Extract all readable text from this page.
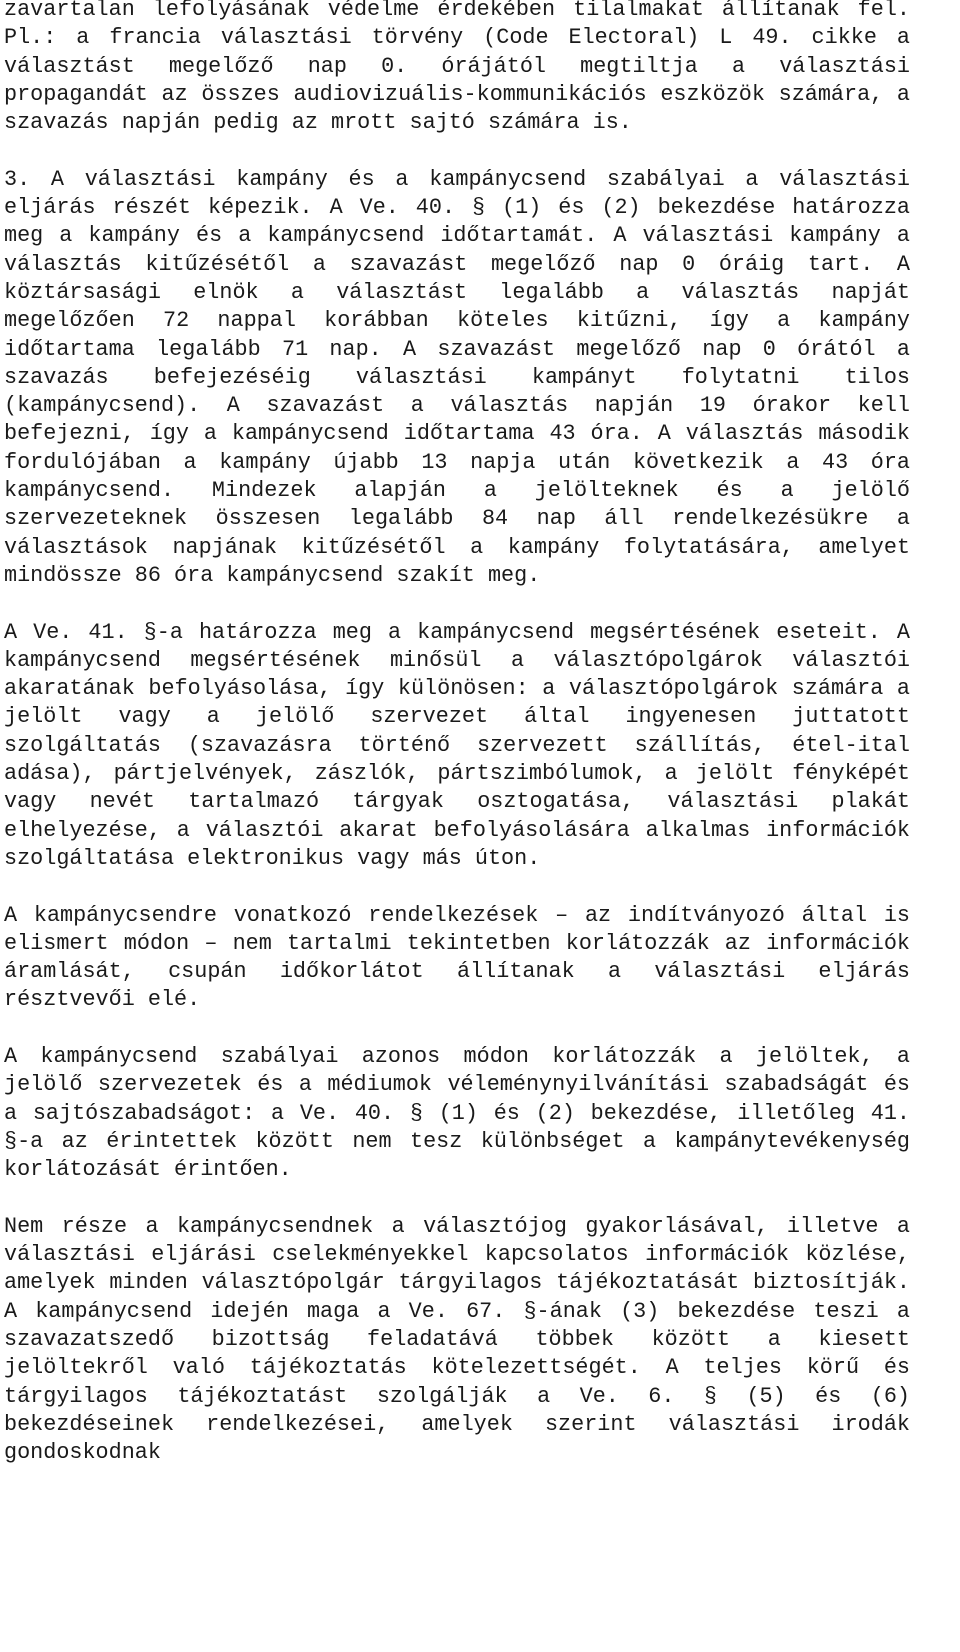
zavartalan lefolyásának védelme érdekében tilalmakat állítanak fel. Pl.: a francia választási törvény (Code Electoral) L 49. cikke a választást megelőző nap 0. órájától megtiltja a választási propagandát az összes audiovizuális-kommunikációs eszközök számára, a szavazás napján pedig az mrott sajtó számára is.

3. A választási kampány és a kampánycsend szabályai a választási eljárás részét képezik. A Ve. 40. § (1) és (2) bekezdése határozza meg a kampány és a kampánycsend időtartamát. A választási kampány a választás kitűzésétől a szavazást megelőző nap 0 óráig tart. A köztársasági elnök a választást legalább a választás napját megelőzően 72 nappal korábban köteles kitűzni, így a kampány időtartama legalább 71 nap. A szavazást megelőző nap 0 órától a szavazás befejezéséig választási kampányt folytatni tilos (kampánycsend). A szavazást a választás napján 19 órakor kell befejezni, így a kampánycsend időtartama 43 óra. A választás második fordulójában a kampány újabb 13 napja után következik a 43 óra kampánycsend. Mindezek alapján a jelölteknek és a jelölő szervezeteknek összesen legalább 84 nap áll rendelkezésükre a választások napjának kitűzésétől a kampány folytatására, amelyet mindössze 86 óra kampánycsend szakít meg.

A Ve. 41. §-a határozza meg a kampánycsend megsértésének eseteit. A kampánycsend megsértésének minősül a választópolgárok választói akaratának befolyásolása, így különösen: a választópolgárok számára a jelölt vagy a jelölő szervezet által ingyenesen juttatott szolgáltatás (szavazásra történő szervezett szállítás, étel-ital adása), pártjelvények, zászlók, pártszimbólumok, a jelölt fényképét vagy nevét tartalmazó tárgyak osztogatása, választási plakát elhelyezése, a választói akarat befolyásolására alkalmas információk szolgáltatása elektronikus vagy más úton.

A kampánycsendre vonatkozó rendelkezések – az indítványozó által is elismert módon – nem tartalmi tekintetben korlátozzák az információk áramlását, csupán időkorlátot állítanak a választási eljárás résztvevői elé.

A kampánycsend szabályai azonos módon korlátozzák a jelöltek, a jelölő szervezetek és a médiumok véleménynyilvánítási szabadságát és a sajtószabadságot: a Ve. 40. § (1) és (2) bekezdése, illetőleg 41. §-a az érintettek között nem tesz különbséget a kampánytevékenység korlátozását érintően.

Nem része a kampánycsendnek a választójog gyakorlásával, illetve a választási eljárási cselekményekkel kapcsolatos információk közlése, amelyek minden választópolgár tárgyilagos tájékoztatását biztosítják. A kampánycsend idején maga a Ve. 67. §-ának (3) bekezdése teszi a szavazatszedő bizottság feladatává többek között a kiesett jelöltekről való tájékoztatás kötelezettségét. A teljes körű és tárgyilagos tájékoztatást szolgálják a Ve. 6. § (5) és (6) bekezdéseinek rendelkezései, amelyek szerint választási irodák gondoskodnak
